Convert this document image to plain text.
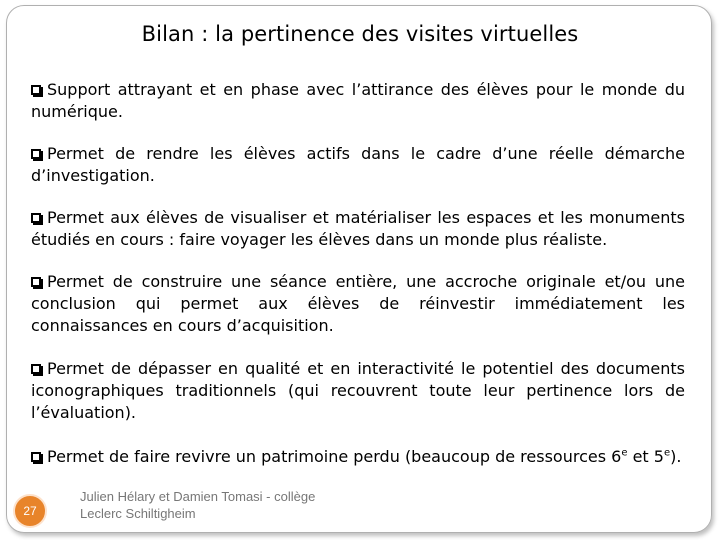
Bilan : la pertinence des visites virtuelles

Support attrayant et en phase avec l’attirance des élèves pour le monde du numérique.

Permet de rendre les élèves actifs dans le cadre d’une réelle démarche d’investigation.

Permet aux élèves de visualiser et matérialiser les espaces et les monuments étudiés en cours : faire voyager les élèves dans un monde plus réaliste.

Permet de construire une séance entière, une accroche originale et/ou une conclusion qui permet aux élèves de réinvestir immédiatement les connaissances en cours d’acquisition.

Permet de dépasser en qualité et en interactivité le potentiel des documents iconographiques traditionnels (qui recouvrent toute leur pertinence lors de l’évaluation).

Permet de faire revivre un patrimoine perdu (beaucoup de ressources 6e et 5e).

27
Julien Hélary et Damien Tomasi - collège
Leclerc Schiltigheim
